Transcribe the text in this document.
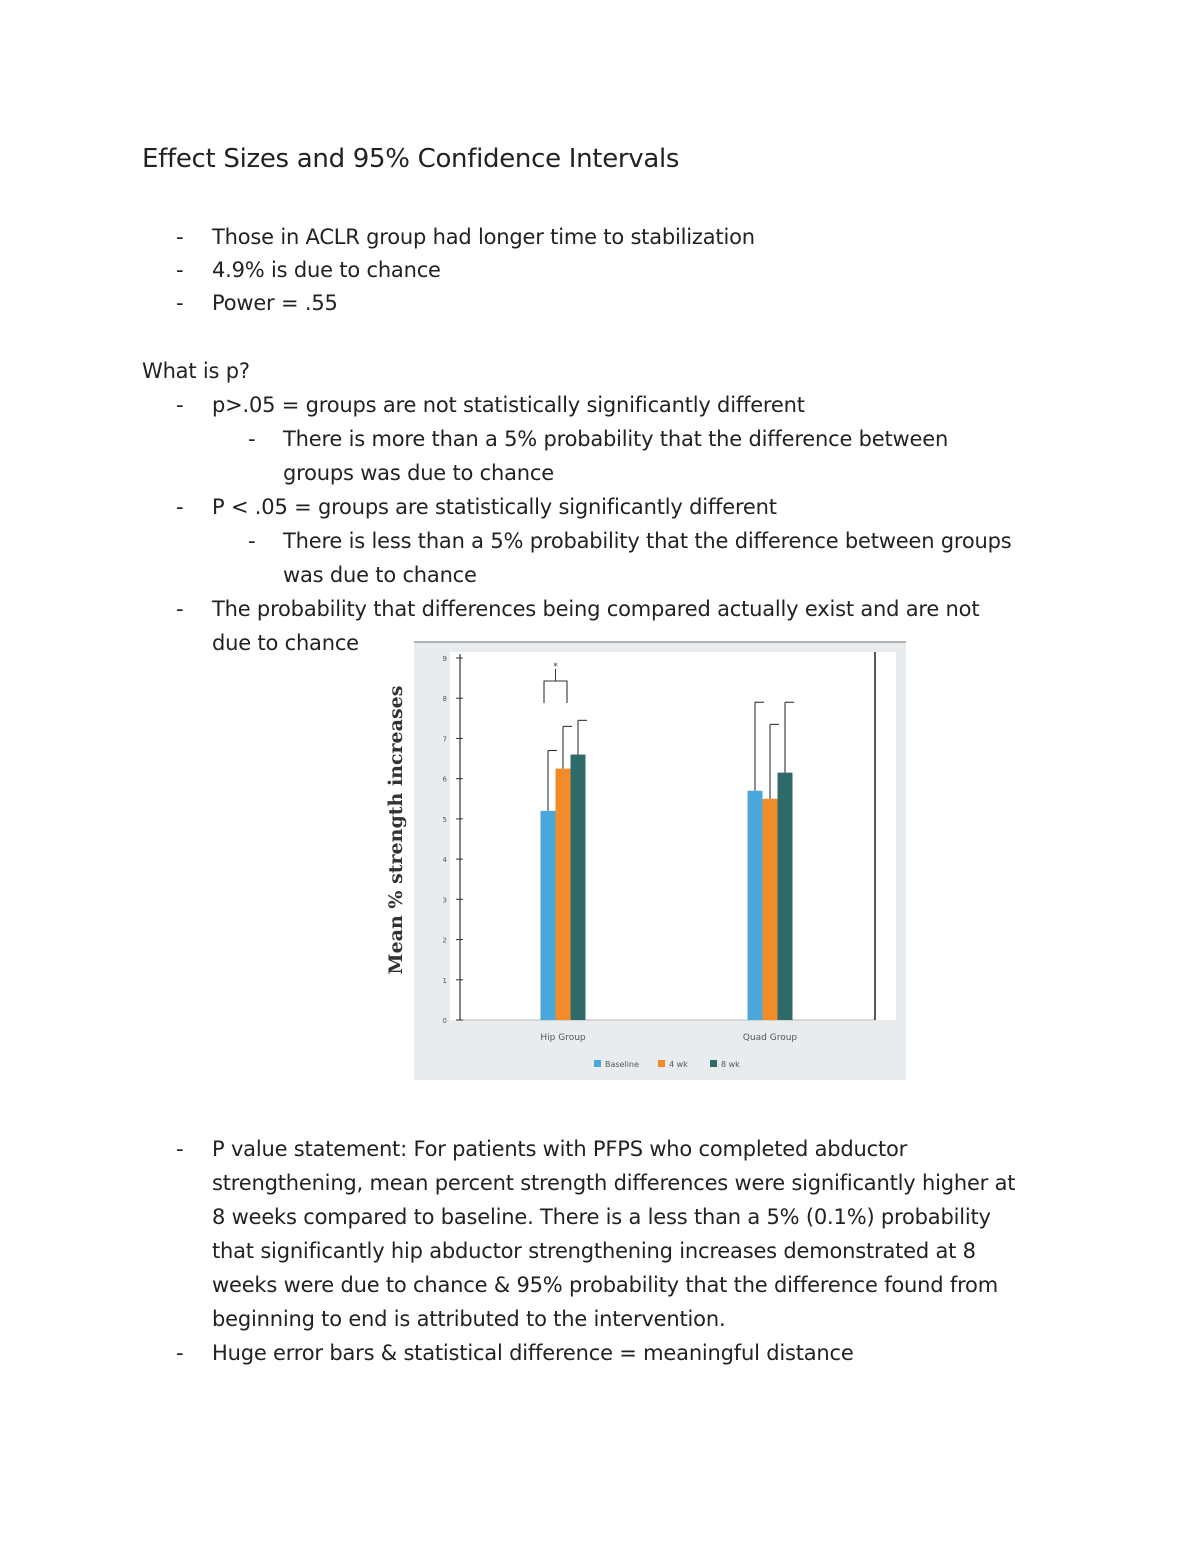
Effect Sizes and 95% Confidence Intervals
- Those in ACLR group had longer time to stabilization
- 4.9% is due to chance
- Power = .55
What is p?
- p>.05 = groups are not statistically significantly different
- There is more than a 5% probability that the difference between
groups was due to chance
- P < .05 = groups are statistically significantly different
- There is less than a 5% probability that the difference between groups
was due to chance
- The probability that differences being compared actually exist and are not
due to chance
0
1
2
3
4
5
6
7
8
9
Hip Group	Quad Group
*
Baseline	4 wk	8 wk
Mean % strength increases
- P value statement: For patients with PFPS who completed abductor
strengthening, mean percent strength differences were significantly higher at
8 weeks compared to baseline. There is a less than a 5% (0.1%) probability
that significantly hip abductor strengthening increases demonstrated at 8
weeks were due to chance & 95% probability that the difference found from
beginning to end is attributed to the intervention.
- Huge error bars & statistical difference = meaningful distance
